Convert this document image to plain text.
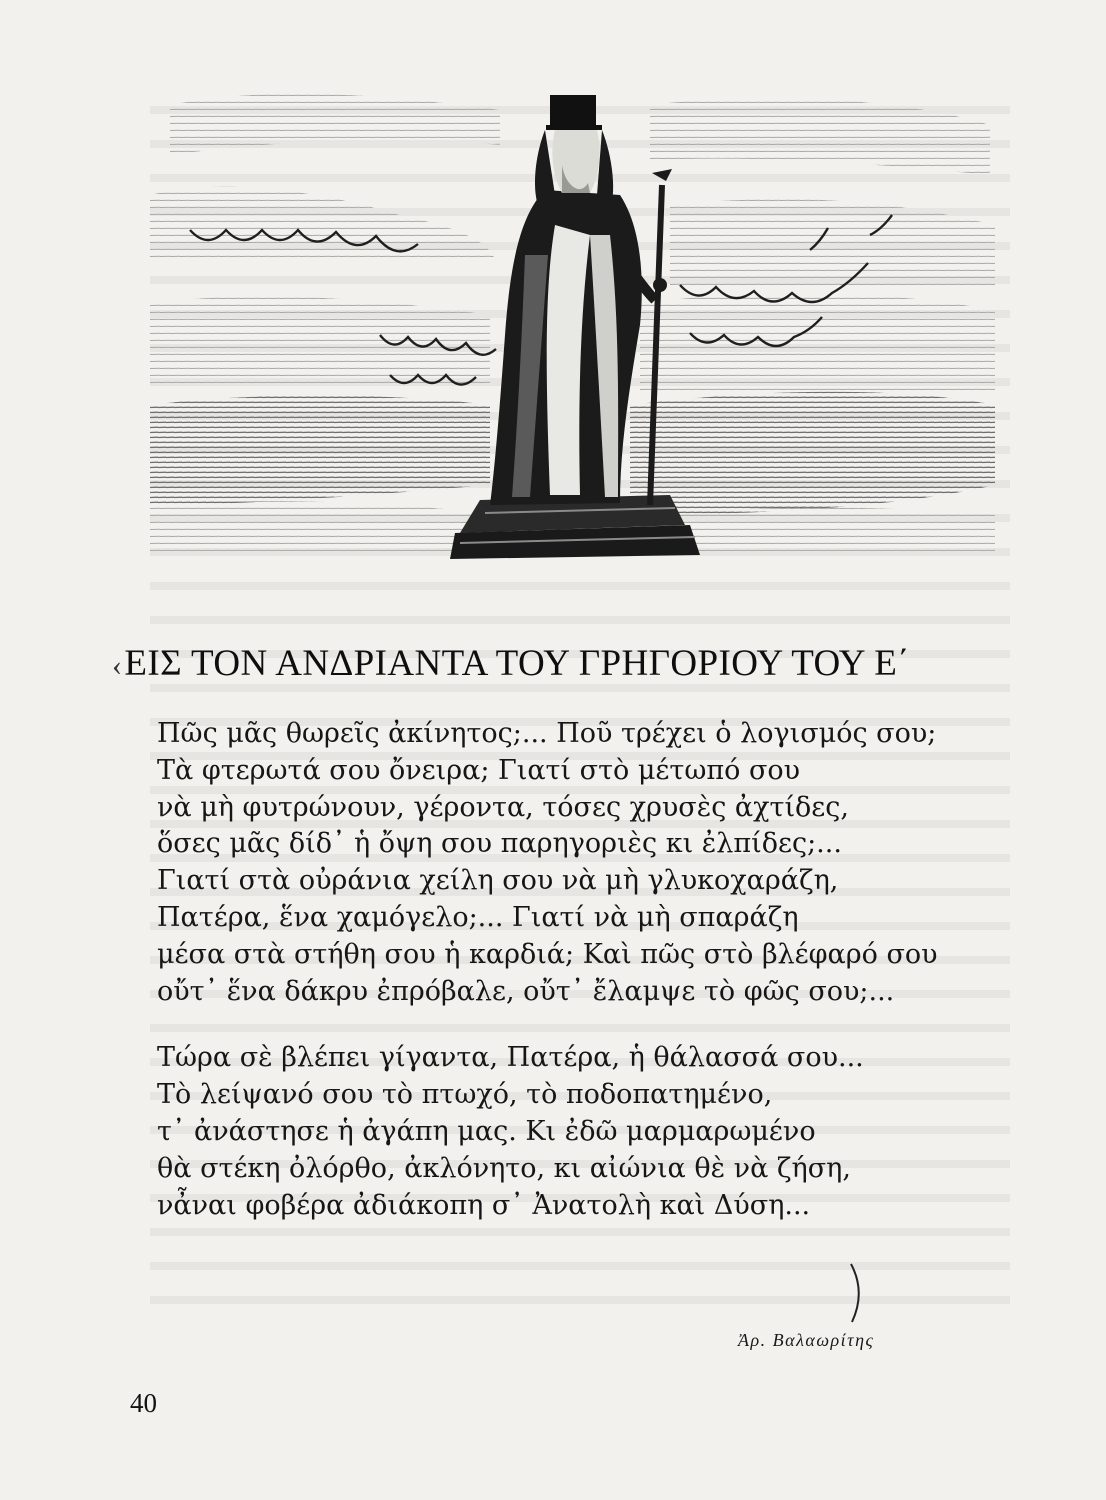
‹ΕΙΣ ΤΟΝ ΑΝΔΡΙΑΝΤΑ ΤΟΥ ΓΡΗΓΟΡΙΟΥ ΤΟΥ Ε΄
Πῶς μᾶς θωρεῖς ἀκίνητος;... Ποῦ τρέχει ὁ λογισμός σου;
Τὰ φτερωτά σου ὄνειρα; Γιατί στὸ μέτωπό σου
νὰ μὴ φυτρώνουν, γέροντα, τόσες χρυσὲς ἀχτίδες,
ὅσες μᾶς δίδ᾽ ἡ ὄψη σου παρηγοριὲς κι ἐλπίδες;...
Γιατί στὰ οὐράνια χείλη σου νὰ μὴ γλυκοχαράζη,
Πατέρα, ἕνα χαμόγελο;... Γιατί νὰ μὴ σπαράζη
μέσα στὰ στήθη σου ἡ καρδιά; Καὶ πῶς στὸ βλέφαρό σου
οὔτ᾽ ἕνα δάκρυ ἐπρόβαλε, οὔτ᾽ ἔλαμψε τὸ φῶς σου;...
Τώρα σὲ βλέπει γίγαντα, Πατέρα, ἡ θάλασσά σου...
Τὸ λείψανό σου τὸ πτωχό, τὸ ποδοπατημένο,
τ᾽ ἀνάστησε ἡ ἀγάπη μας. Κι ἐδῶ μαρμαρωμένο
θὰ στέκη ὀλόρθο, ἀκλόνητο, κι αἰώνια θὲ νὰ ζήση,
νἆναι φοβέρα ἀδιάκοπη σ᾽ Ἀνατολὴ καὶ Δύση...
Ἀρ. Βαλαωρίτης
40
